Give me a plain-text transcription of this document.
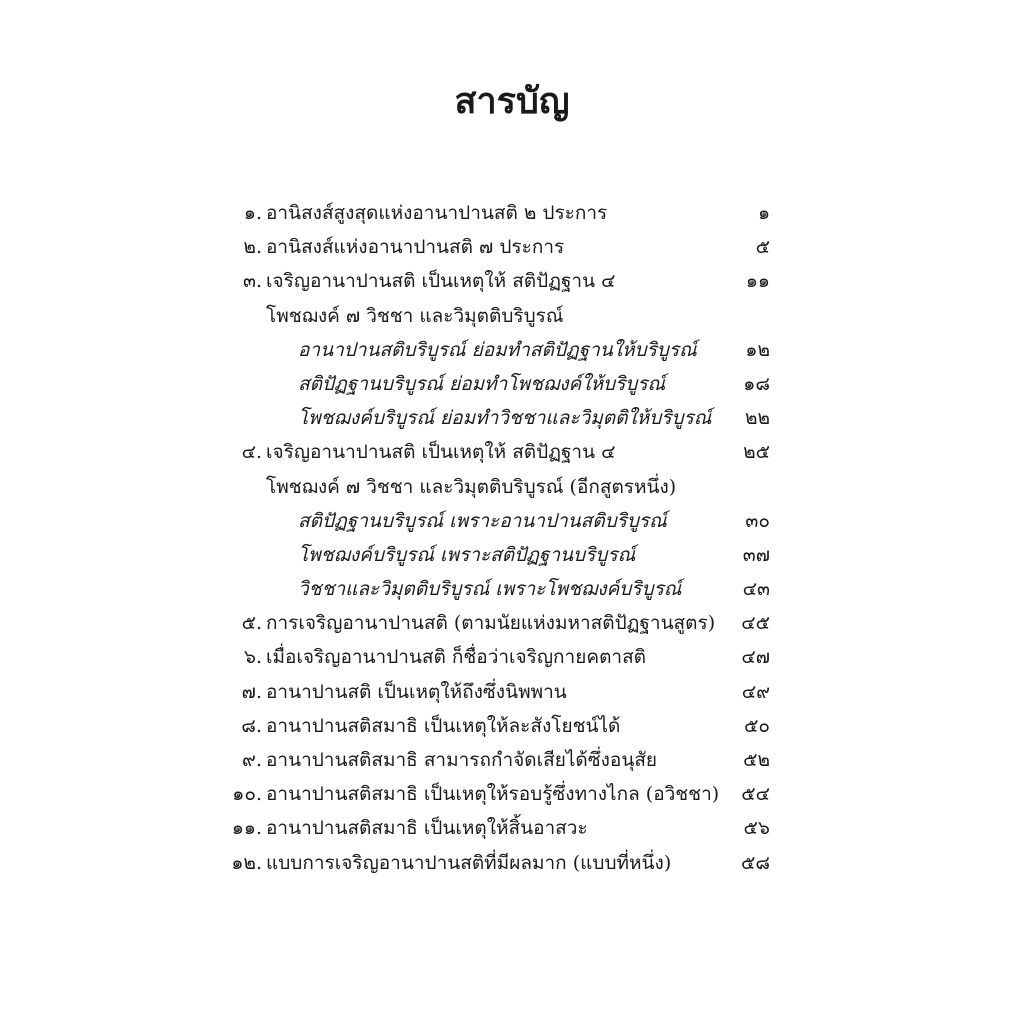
สารบัญ
๑. อานิสงส์สูงสุดแห่งอานาปานสติ ๒ ประการ	๑
๒. อานิสงส์แห่งอานาปานสติ ๗ ประการ	๕
๓. เจริญอานาปานสติ เป็นเหตุให้ สติปัฏฐาน ๔	๑๑
โพชฌงค์ ๗ วิชชา และวิมุตติบริบูรณ์
อานาปานสติบริบูรณ์ ย่อมทำสติปัฏฐานให้บริบูรณ์	๑๒
สติปัฏฐานบริบูรณ์ ย่อมทำโพชฌงค์ให้บริบูรณ์	๑๘
โพชฌงค์บริบูรณ์ ย่อมทำวิชชาและวิมุตติให้บริบูรณ์ ๒๒
๔. เจริญอานาปานสติ เป็นเหตุให้ สติปัฏฐาน ๔	๒๕
โพชฌงค์ ๗ วิชชา และวิมุตติบริบูรณ์ (อีกสูตรหนึ่ง)
สติปัฏฐานบริบูรณ์ เพราะอานาปานสติบริบูรณ์	๓๐
โพชฌงค์บริบูรณ์ เพราะสติปัฏฐานบริบูรณ์	๓๗
วิชชาและวิมุตติบริบูรณ์ เพราะโพชฌงค์บริบูรณ์	๔๓
๕. การเจริญอานาปานสติ (ตามนัยแห่งมหาสติปัฏฐานสูตร) ๔๕
๖. เมื่อเจริญอานาปานสติ ก็ชื่อว่าเจริญกายคตาสติ	๔๗
๗. อานาปานสติ เป็นเหตุให้ถึงซึ่งนิพพาน	๔๙
๘. อานาปานสติสมาธิ เป็นเหตุให้ละสังโยชน์ได้	๕๐
๙. อานาปานสติสมาธิ สามารถกำจัดเสียได้ซึ่งอนุสัย	๕๒
๑๐. อานาปานสติสมาธิ เป็นเหตุให้รอบรู้ซึ่งทางไกล (อวิชชา) ๕๔
๑๑. อานาปานสติสมาธิ เป็นเหตุให้สิ้นอาสวะ	๕๖
๑๒. แบบการเจริญอานาปานสติที่มีผลมาก (แบบที่หนึ่ง)	๕๘
